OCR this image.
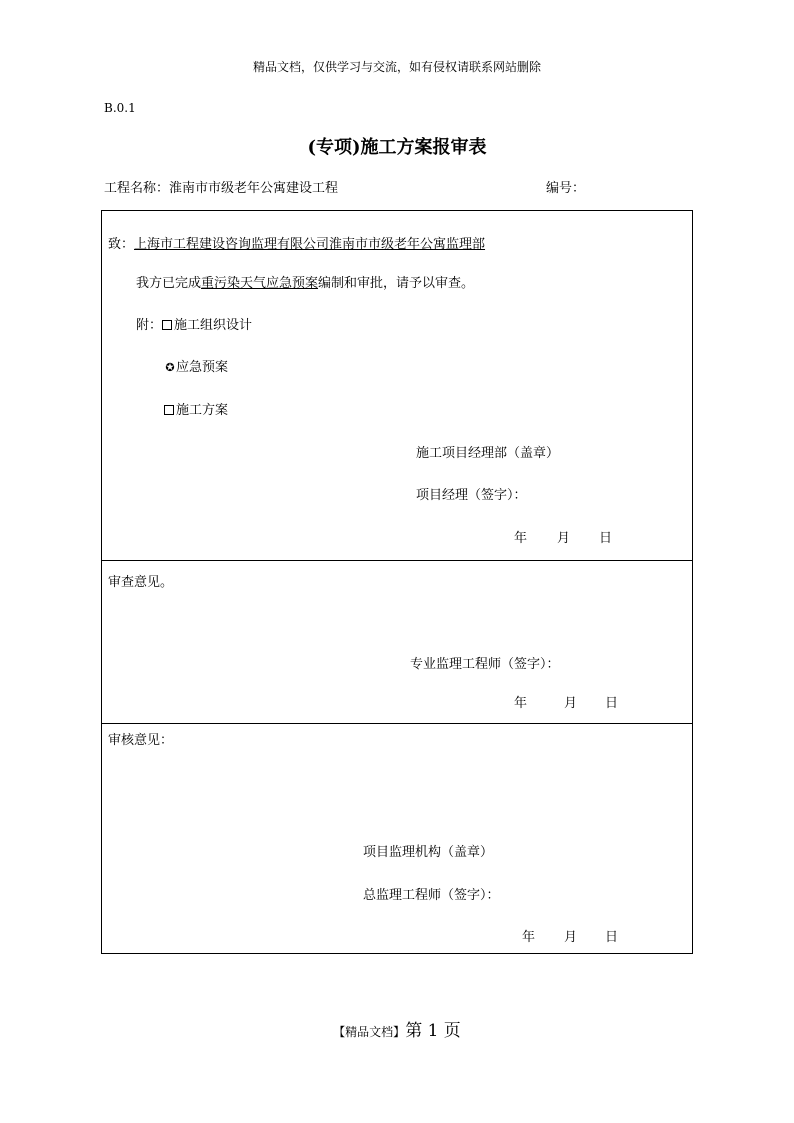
精品文档，仅供学习与交流，如有侵权请联系网站删除
B.0.1
(专项)施工方案报审表
工程名称：淮南市市级老年公寓建设工程	编号：
致：上海市工程建设咨询监理有限公司淮南市市级老年公寓监理部
我方已完成重污染天气应急预案编制和审批，请予以审查。
附： 施工组织设计
✪应急预案
施工方案
施工项目经理部（盖章）
项目经理（签字）：
年 月 日
审查意见。
专业监理工程师（签字）：
年	月 日
审核意见：
项目监理机构（盖章）
总监理工程师（签字）：
年 月 日
【精品文档】第 1 页
